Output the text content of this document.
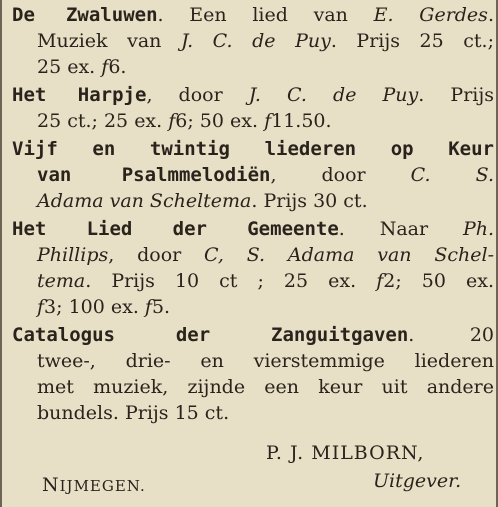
De Zwaluwen. Een lied van E. Gerdes.
Muziek van J. C. de Puy. Prijs 25 ct.;
25 ex. f6.
Het Harpje, door J. C. de Puy. Prijs
25 ct.; 25 ex. f6; 50 ex. f11.50.
Vijf en twintig liederen op Keur
van Psalmmelodiën, door C. S.
Adama van Scheltema. Prijs 30 ct.
Het Lied der Gemeente. Naar Ph.
Phillips, door C, S. Adama van Schel-
tema. Prijs 10 ct ; 25 ex. f2; 50 ex.
f3; 100 ex. f5.
Catalogus der Zanguitgaven. 20
twee-, drie- en vierstemmige liederen
met muziek, zijnde een keur uit andere
bundels. Prijs 15 ct.
P. J. MILBORN,
NIJMEGEN.	Uitgever.
